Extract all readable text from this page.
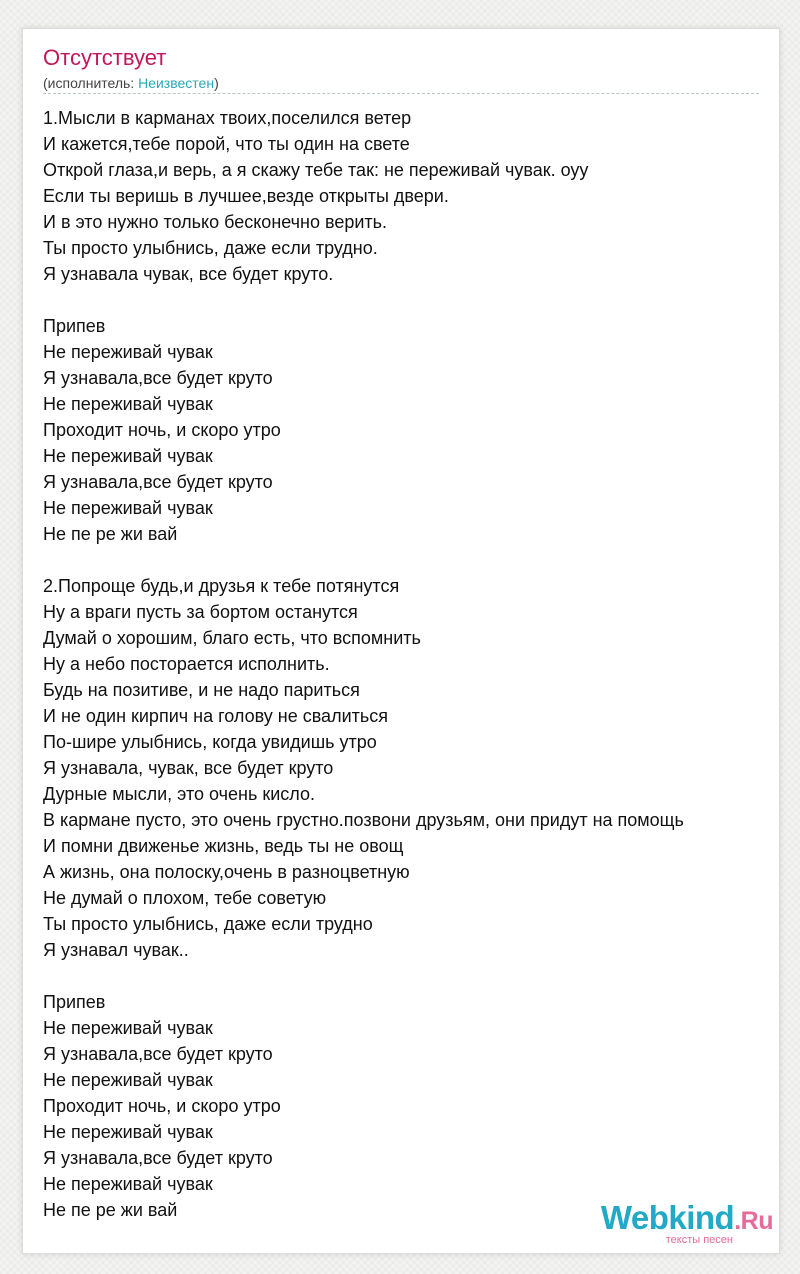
Отсутствует
(исполнитель: Неизвестен)
1.Мысли в карманах твоих,поселился ветер
И кажется,тебе порой, что ты один на свете
Открой глаза,и верь, а я скажу тебе так: не переживай чувак. оуу
Если ты веришь в лучшее,везде открыты двери.
И в это нужно только бесконечно верить.
Ты просто улыбнись, даже если трудно.
Я узнавала чувак, все будет круто.
Припев
Не переживай чувак
Я узнавала,все будет круто
Не переживай чувак
Проходит ночь, и скоро утро
Не переживай чувак
Я узнавала,все будет круто
Не переживай чувак
Не пе ре жи вай
2.Попроще будь,и друзья к тебе потянутся
Ну а враги пусть за бортом останутся
Думай о хорошим, благо есть, что вспомнить
Ну а небо посторается исполнить.
Будь на позитиве, и не надо париться
И не один кирпич на голову не свалиться
По-шире улыбнись, когда увидишь утро
Я узнавала, чувак, все будет круто
Дурные мысли, это очень кисло.
В кармане пусто, это очень грустно.позвони друзьям, они придут на помощь
И помни движенье жизнь, ведь ты не овощ
А жизнь, она полоску,очень в разноцветную
Не думай о плохом, тебе советую
Ты просто улыбнись, даже если трудно
Я узнавал чувак..
Припев
Не переживай чувак
Я узнавала,все будет круто
Не переживай чувак
Проходит ночь, и скоро утро
Не переживай чувак
Я узнавала,все будет круто
Не переживай чувак
Не пе ре жи вай	Webkind.Ru
тексты песен
